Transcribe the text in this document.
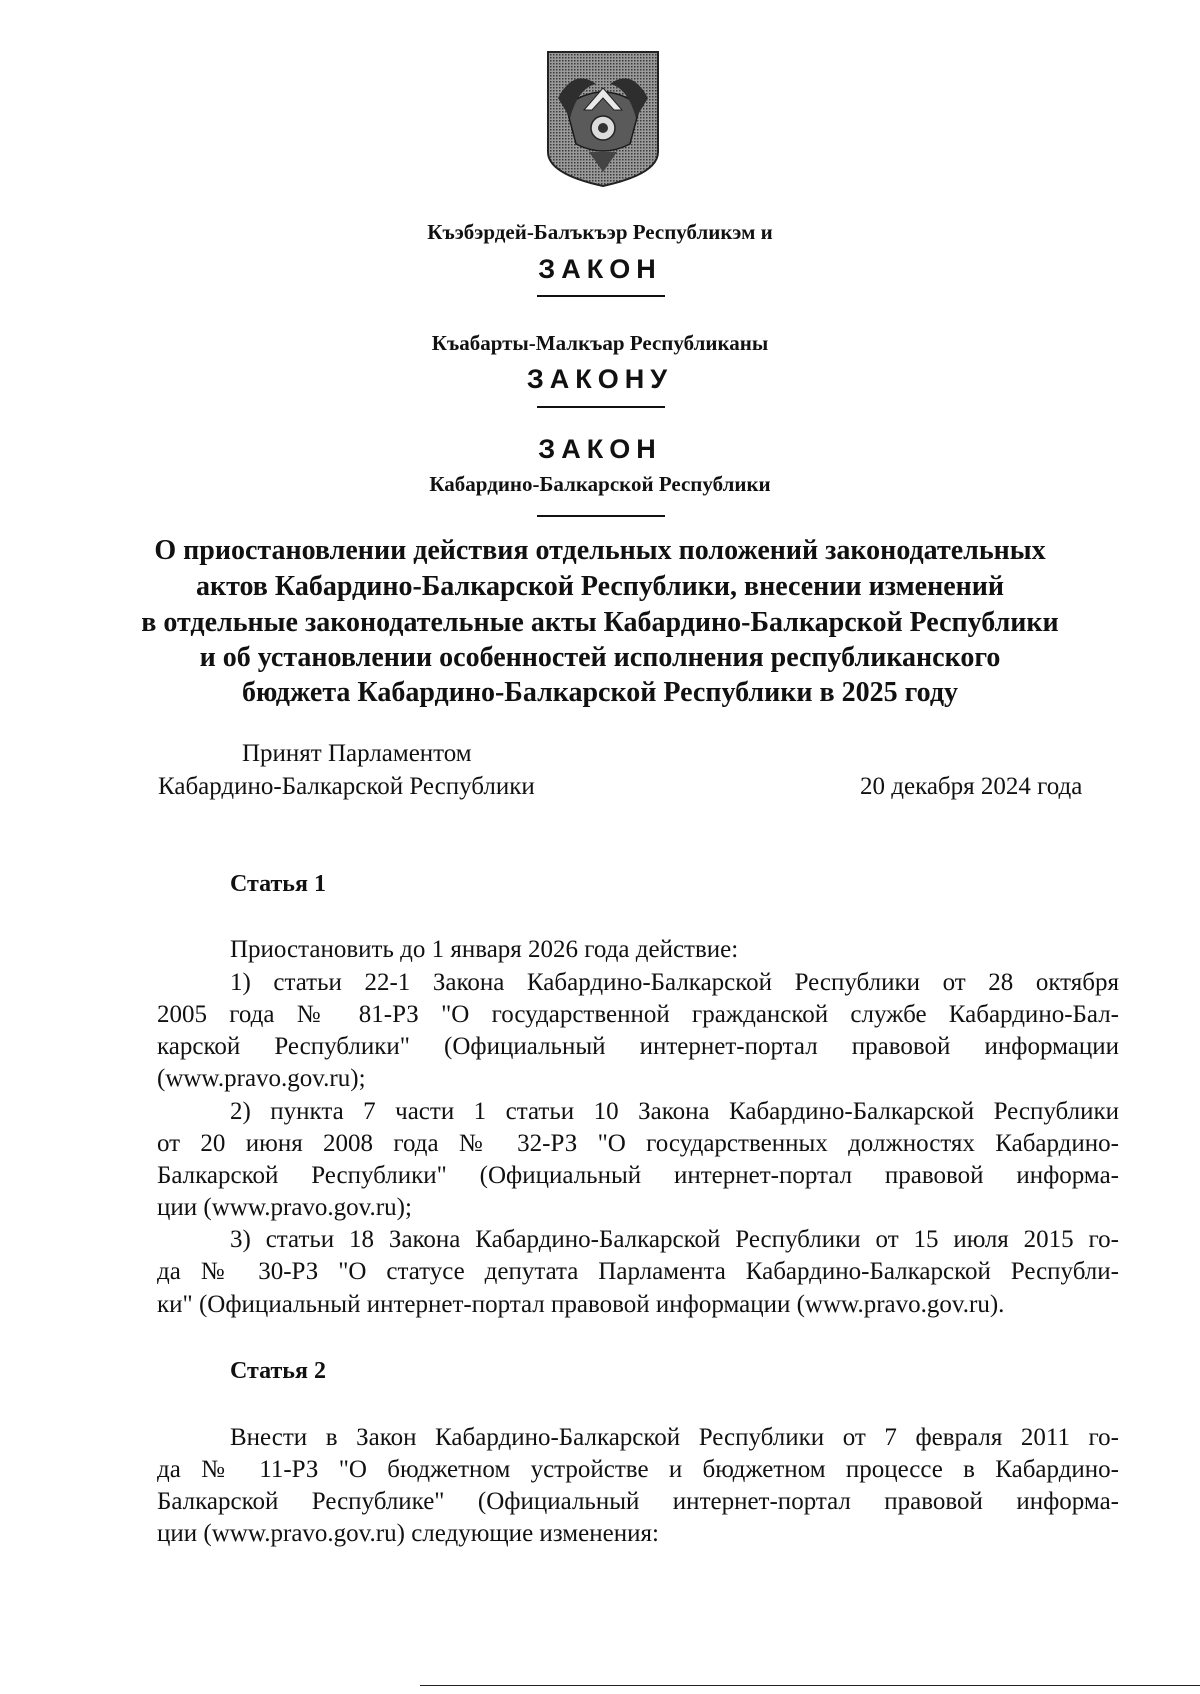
Къэбэрдей-Балъкъэр Республикэм и
ЗАКОН
Къабарты-Малкъар Республиканы
ЗАКОНУ
ЗАКОН
Кабардино-Балкарской Республики
О приостановлении действия отдельных положений законодательных
актов Кабардино-Балкарской Республики, внесении изменений
в отдельные законодательные акты Кабардино-Балкарской Республики
и об установлении особенностей исполнения республиканского
бюджета Кабардино-Балкарской Республики в 2025 году
Принят Парламентом
Кабардино-Балкарской Республики	20 декабря 2024 года
Статья 1
Приостановить до 1 января 2026 года действие:
1) статьи 22-1 Закона Кабардино-Балкарской Республики от 28 октября
2005 года № 81-РЗ "О государственной гражданской службе Кабардино-Бал-
карской Республики" (Официальный интернет-портал правовой информации
(www.pravo.gov.ru);
2) пункта 7 части 1 статьи 10 Закона Кабардино-Балкарской Республики
от 20 июня 2008 года № 32-РЗ "О государственных должностях Кабардино-
Балкарской Республики" (Официальный интернет-портал правовой информа-
ции (www.pravo.gov.ru);
3) статьи 18 Закона Кабардино-Балкарской Республики от 15 июля 2015 го-
да № 30-РЗ "О статусе депутата Парламента Кабардино-Балкарской Республи-
ки" (Официальный интернет-портал правовой информации (www.pravo.gov.ru).
Статья 2
Внести в Закон Кабардино-Балкарской Республики от 7 февраля 2011 го-
да № 11-РЗ "О бюджетном устройстве и бюджетном процессе в Кабардино-
Балкарской Республике" (Официальный интернет-портал правовой информа-
ции (www.pravo.gov.ru) следующие изменения:
